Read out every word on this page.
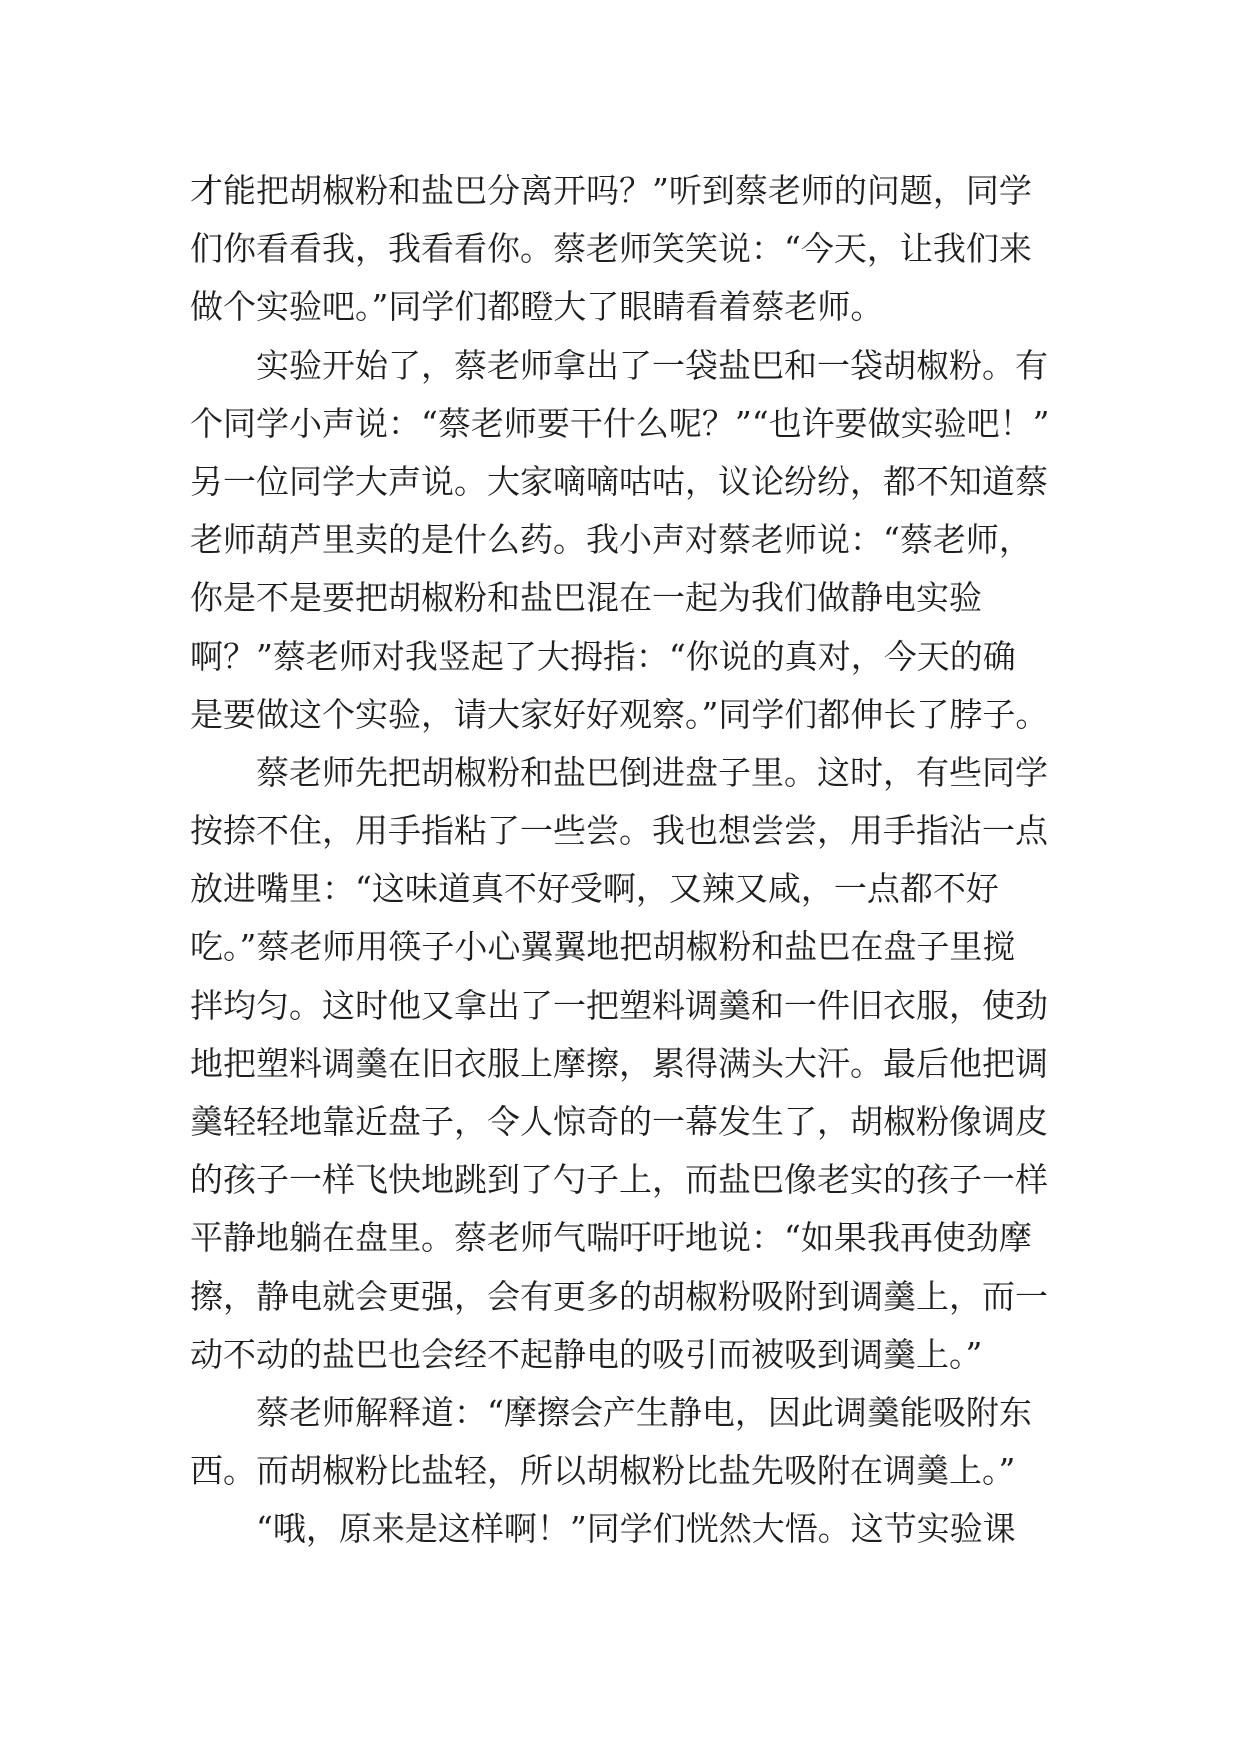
才能把胡椒粉和盐巴分离开吗？”听到蔡老师的问题，同学
们你看看我，我看看你。蔡老师笑笑说：“今天，让我们来
做个实验吧。”同学们都瞪大了眼睛看着蔡老师。
实验开始了，蔡老师拿出了一袋盐巴和一袋胡椒粉。有
个同学小声说：“蔡老师要干什么呢？”“也许要做实验吧！”
另一位同学大声说。大家嘀嘀咕咕，议论纷纷，都不知道蔡
老师葫芦里卖的是什么药。我小声对蔡老师说：“蔡老师，
你是不是要把胡椒粉和盐巴混在一起为我们做静电实验
啊？”蔡老师对我竖起了大拇指：“你说的真对，今天的确
是要做这个实验，请大家好好观察。”同学们都伸长了脖子。
蔡老师先把胡椒粉和盐巴倒进盘子里。这时，有些同学
按捺不住，用手指粘了一些尝。我也想尝尝，用手指沾一点
放进嘴里：“这味道真不好受啊，又辣又咸，一点都不好
吃。”蔡老师用筷子小心翼翼地把胡椒粉和盐巴在盘子里搅
拌均匀。这时他又拿出了一把塑料调羹和一件旧衣服，使劲
地把塑料调羹在旧衣服上摩擦，累得满头大汗。最后他把调
羹轻轻地靠近盘子，令人惊奇的一幕发生了，胡椒粉像调皮
的孩子一样飞快地跳到了勺子上，而盐巴像老实的孩子一样
平静地躺在盘里。蔡老师气喘吁吁地说：“如果我再使劲摩
擦，静电就会更强，会有更多的胡椒粉吸附到调羹上，而一
动不动的盐巴也会经不起静电的吸引而被吸到调羹上。”
蔡老师解释道：“摩擦会产生静电，因此调羹能吸附东
西。而胡椒粉比盐轻，所以胡椒粉比盐先吸附在调羹上。”
“哦，原来是这样啊！”同学们恍然大悟。这节实验课
